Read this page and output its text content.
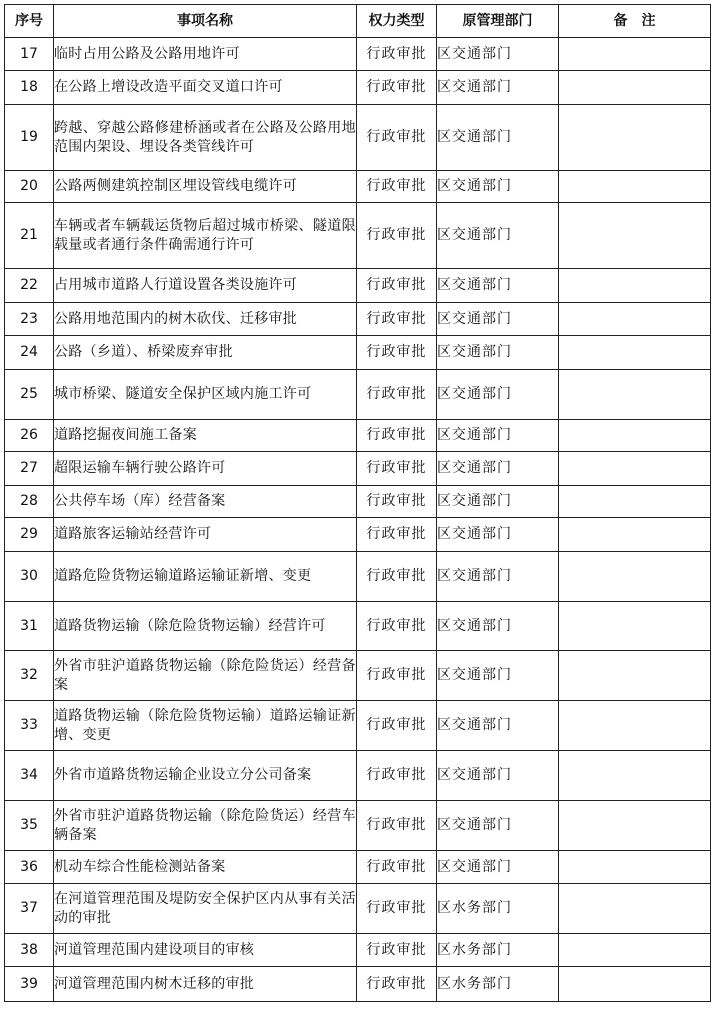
序号	事项名称	权力类型	原管理部门	备　注
17	临时占用公路及公路用地许可	行政审批	区交通部门	
18	在公路上增设改造平面交叉道口许可	行政审批	区交通部门	
19	跨越、穿越公路修建桥涵或者在公路及公路用地范围内架设、埋设各类管线许可	行政审批	区交通部门	
20	公路两侧建筑控制区埋设管线电缆许可	行政审批	区交通部门	
21	车辆或者车辆载运货物后超过城市桥梁、隧道限载量或者通行条件确需通行许可	行政审批	区交通部门	
22	占用城市道路人行道设置各类设施许可	行政审批	区交通部门	
23	公路用地范围内的树木砍伐、迁移审批	行政审批	区交通部门	
24	公路（乡道）、桥梁废弃审批	行政审批	区交通部门	
25	城市桥梁、隧道安全保护区域内施工许可	行政审批	区交通部门	
26	道路挖掘夜间施工备案	行政审批	区交通部门	
27	超限运输车辆行驶公路许可	行政审批	区交通部门	
28	公共停车场（库）经营备案	行政审批	区交通部门	
29	道路旅客运输站经营许可	行政审批	区交通部门	
30	道路危险货物运输道路运输证新增、变更	行政审批	区交通部门	
31	道路货物运输（除危险货物运输）经营许可	行政审批	区交通部门	
32	外省市驻沪道路货物运输（除危险货运）经营备案	行政审批	区交通部门	
33	道路货物运输（除危险货物运输）道路运输证新增、变更	行政审批	区交通部门	
34	外省市道路货物运输企业设立分公司备案	行政审批	区交通部门	
35	外省市驻沪道路货物运输（除危险货运）经营车辆备案	行政审批	区交通部门	
36	机动车综合性能检测站备案	行政审批	区交通部门	
37	在河道管理范围及堤防安全保护区内从事有关活动的审批	行政审批	区水务部门	
38	河道管理范围内建设项目的审核	行政审批	区水务部门	
39	河道管理范围内树木迁移的审批	行政审批	区水务部门	
